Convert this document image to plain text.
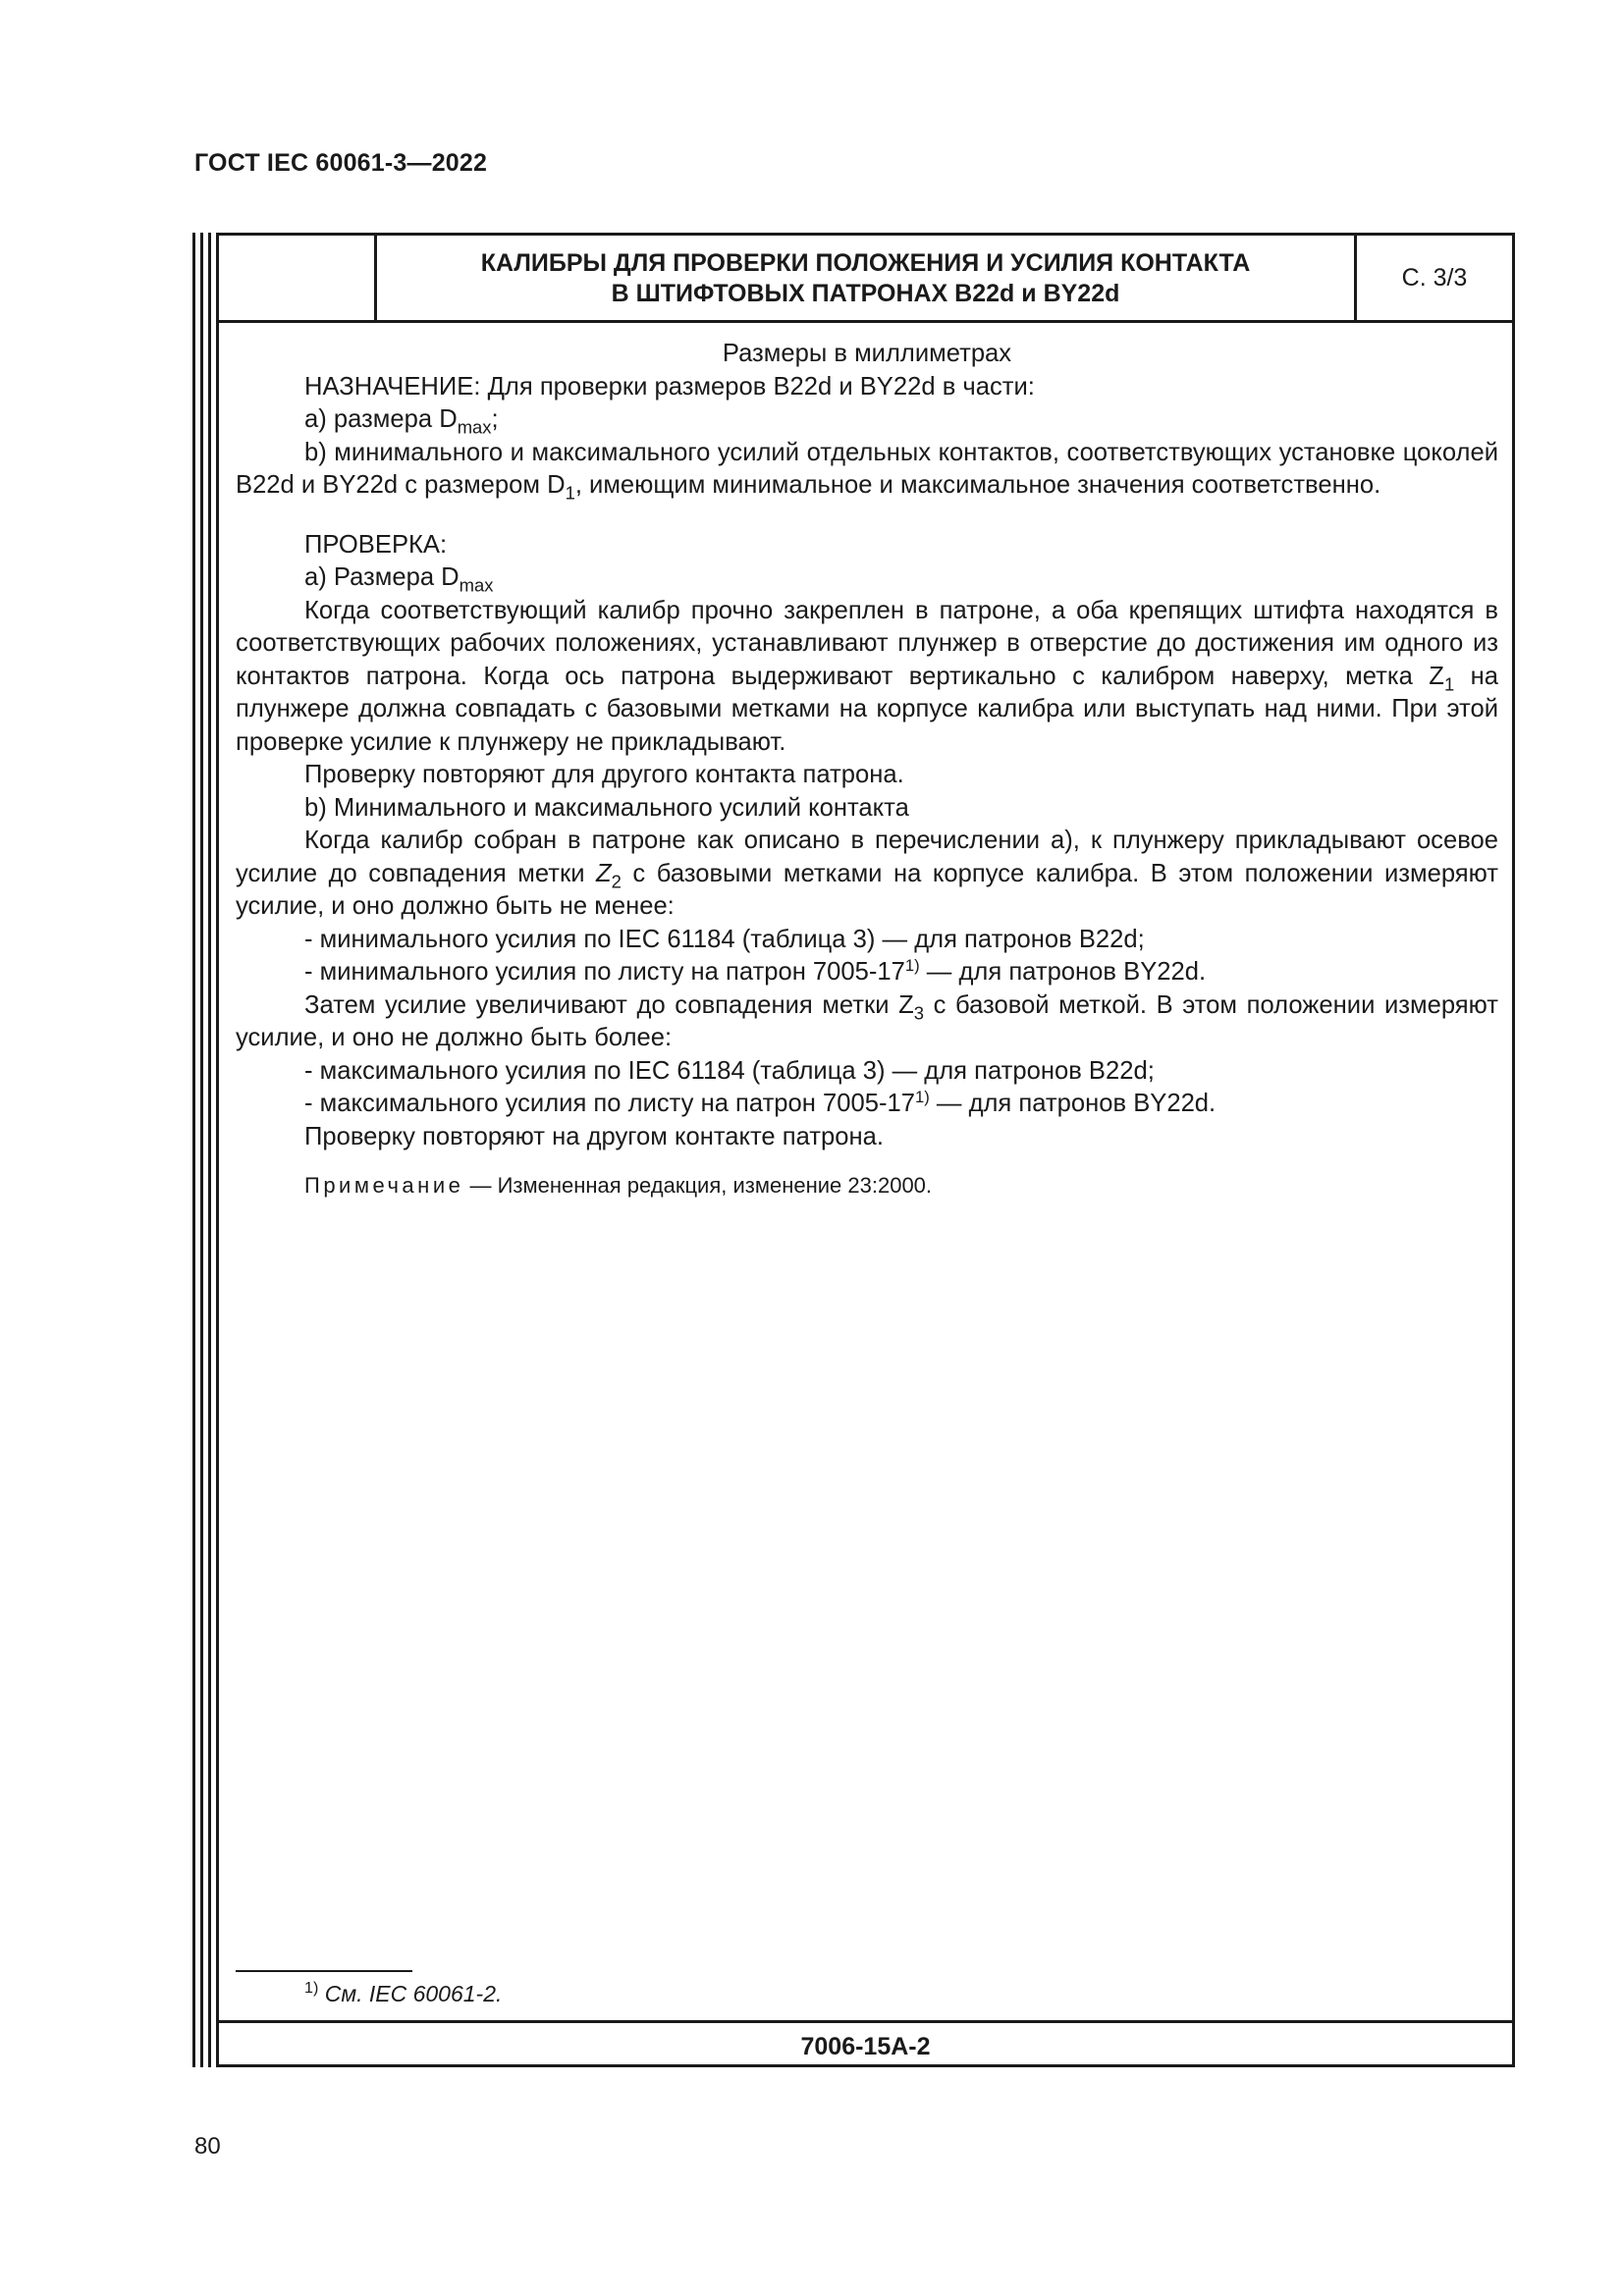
ГОСТ IEC 60061-3—2022
КАЛИБРЫ ДЛЯ ПРОВЕРКИ ПОЛОЖЕНИЯ И УСИЛИЯ КОНТАКТА
В ШТИФТОВЫХ ПАТРОНАХ B22d и BY22d
С. 3/3

Размеры в миллиметрах

НАЗНАЧЕНИЕ: Для проверки размеров B22d и BY22d в части:

а) размера $D_{max}$;

b) минимального и максимального усилий отдельных контактов, соответствующих установке цоколей B22d и BY22d с размером $D_1$, имеющим минимальное и максимальное значения соответственно.

ПРОВЕРКА:

а) Размера $D_{max}$

Когда соответствующий калибр прочно закреплен в патроне, а оба крепящих штифта находятся в соответствующих рабочих положениях, устанавливают плунжер в отверстие до достижения им одного из контактов патрона. Когда ось патрона выдерживают вертикально с калибром наверху, метка $Z_1$ на плунжере должна совпадать с базовыми метками на корпусе калибра или выступать над ними. При этой проверке усилие к плунжеру не прикладывают.

Проверку повторяют для другого контакта патрона.

b) Минимального и максимального усилий контакта

Когда калибр собран в патроне как описано в перечислении а), к плунжеру прикладывают осевое усилие до совпадения метки $Z_2$ с базовыми метками на корпусе калибра. В этом положении измеряют усилие, и оно должно быть не менее:

- минимального усилия по IEC 61184 (таблица 3) — для патронов B22d;

- минимального усилия по листу на патрон 7005-17$^{1)}$ — для патронов BY22d.

Затем усилие увеличивают до совпадения метки $Z_3$ с базовой меткой. В этом положении измеряют усилие, и оно не должно быть более:

- максимального усилия по IEC 61184 (таблица 3) — для патронов B22d;

- максимального усилия по листу на патрон 7005-17$^{1)}$ — для патронов BY22d.

Проверку повторяют на другом контакте патрона.

Примечание — Измененная редакция, изменение 23:2000.

$^{1)}$ См. IEC 60061-2.
7006-15A-2
80
